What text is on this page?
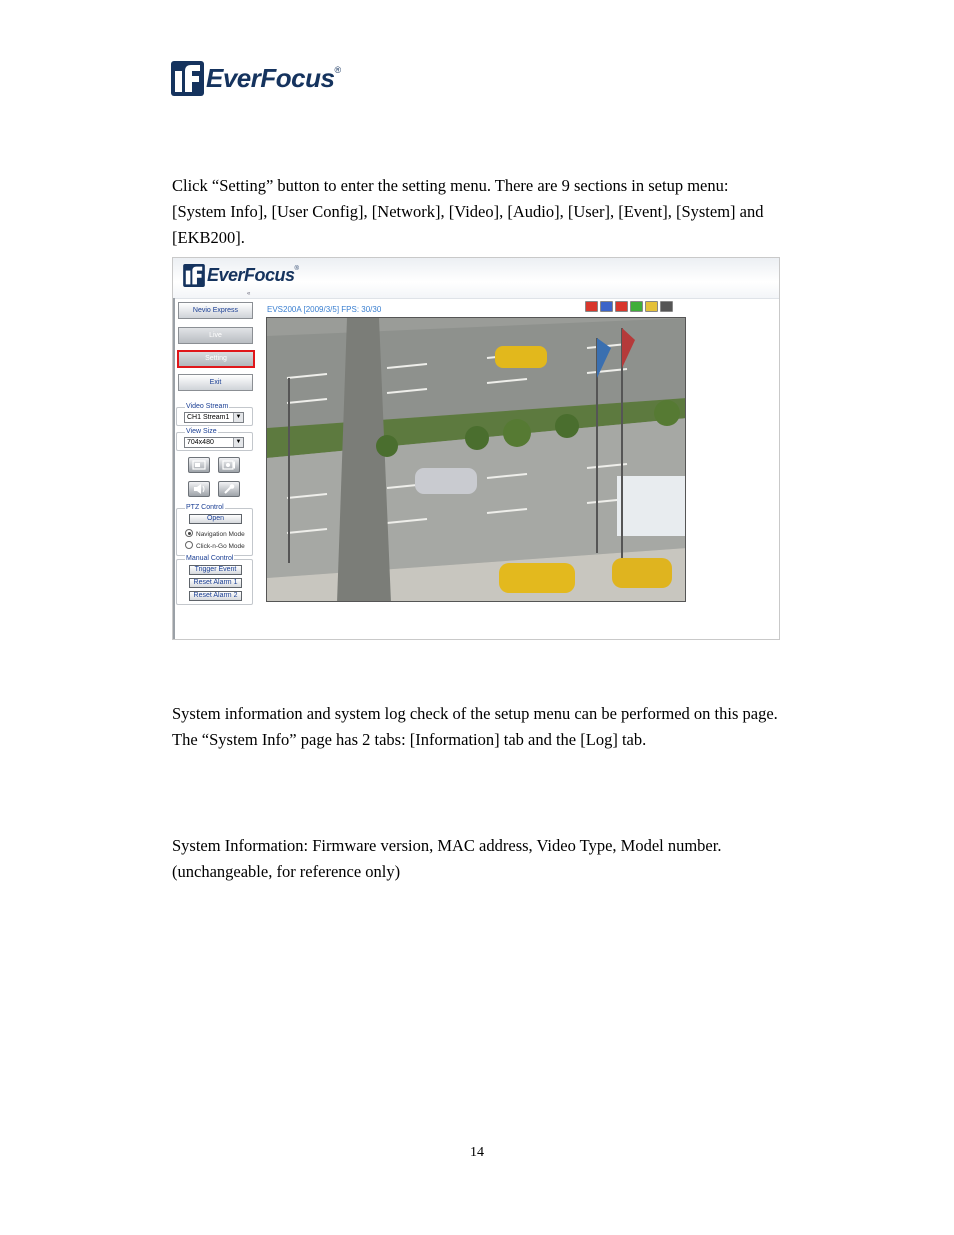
EverFocus ®

Click “Setting” button to enter the setting menu. There are 9 sections in setup menu: [System Info], [User Config], [Network], [Video], [Audio], [User], [Event], [System] and [EKB200].

EverFocus ®
«
Nevio Express
Live
Setting
Exit
Video Stream
CH1 Stream1	▼
View Size
704x480	▼
PTZ Control
Open
Navigation Mode
Click-n-Go Mode
Manual Control
Trigger Event
Reset Alarm 1
Reset Alarm 2
EVS200A [2009/3/5] FPS: 30/30

System information and system log check of the setup menu can be performed on this page. The “System Info” page has 2 tabs: [Information] tab and the [Log] tab.

System Information: Firmware version, MAC address, Video Type, Model number. (unchangeable, for reference only)

14
